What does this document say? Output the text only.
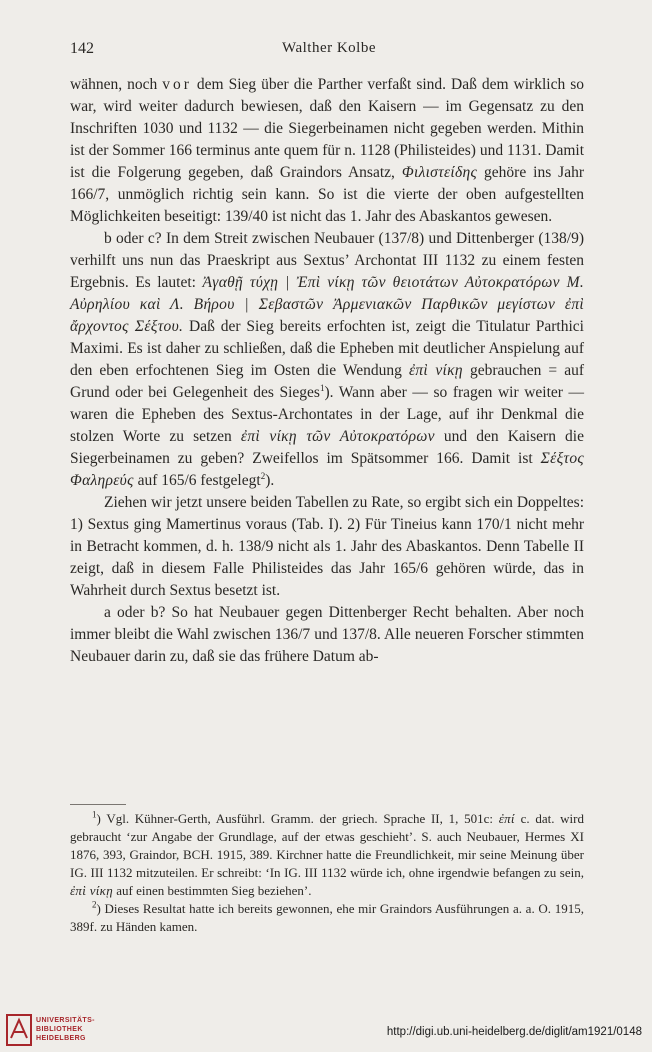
142	Walther Kolbe

wähnen, noch vor dem Sieg über die Parther verfaßt sind. Daß dem wirklich so war, wird weiter dadurch bewiesen, daß den Kaisern — im Gegensatz zu den Inschriften 1030 und 1132 — die Siegerbeinamen nicht gegeben werden. Mithin ist der Sommer 166 terminus ante quem für n. 1128 (Philisteides) und 1131. Damit ist die Folgerung gegeben, daß Graindors Ansatz, Φιλιστείδης gehöre ins Jahr 166/7, unmöglich richtig sein kann. So ist die vierte der oben aufgestellten Möglichkeiten beseitigt: 139/40 ist nicht das 1. Jahr des Abaskantos gewesen.

b oder c? In dem Streit zwischen Neubauer (137/8) und Dittenberger (138/9) verhilft uns nun das Praeskript aus Sextus’ Archontat III 1132 zu einem festen Ergebnis. Es lautet: Ἀγαθῇ τύχῃ | Ἐπὶ νίκῃ τῶν θειοτάτων Αὐτοκρατόρων Μ. Αὐρηλίου καὶ Λ. Βήρου | Σεβαστῶν Ἀρμενιακῶν Παρθικῶν μεγίστων ἐπὶ ἄρχοντος Σέξτου. Daß der Sieg bereits erfochten ist, zeigt die Titulatur Parthici Maximi. Es ist daher zu schließen, daß die Epheben mit deutlicher Anspielung auf den eben erfochtenen Sieg im Osten die Wendung ἐπὶ νίκῃ gebrauchen = auf Grund oder bei Gelegenheit des Sieges$^1$). Wann aber — so fragen wir weiter — waren die Epheben des Sextus-Archontates in der Lage, auf ihr Denkmal die stolzen Worte zu setzen ἐπὶ νίκῃ τῶν Αὐτοκρατόρων und den Kaisern die Siegerbeinamen zu geben? Zweifellos im Spätsommer 166. Damit ist Σέξτος Φαληρεύς auf 165/6 festgelegt$^2$).

Ziehen wir jetzt unsere beiden Tabellen zu Rate, so ergibt sich ein Doppeltes: 1) Sextus ging Mamertinus voraus (Tab. I). 2) Für Tineius kann 170/1 nicht mehr in Betracht kommen, d. h. 138/9 nicht als 1. Jahr des Abaskantos. Denn Tabelle II zeigt, daß in diesem Falle Philisteides das Jahr 165/6 gehören würde, das in Wahrheit durch Sextus besetzt ist.

a oder b? So hat Neubauer gegen Dittenberger Recht behalten. Aber noch immer bleibt die Wahl zwischen 136/7 und 137/8. Alle neueren Forscher stimmten Neubauer darin zu, daß sie das frühere Datum ab-

$^1$) Vgl. Kühner-Gerth, Ausführl. Gramm. der griech. Sprache II, 1, 501c: ἐπί c. dat. wird gebraucht ‘zur Angabe der Grundlage, auf der etwas geschieht’. S. auch Neubauer, Hermes XI 1876, 393, Graindor, BCH. 1915, 389. Kirchner hatte die Freundlichkeit, mir seine Meinung über IG. III 1132 mitzuteilen. Er schreibt: ‘In IG. III 1132 würde ich, ohne irgendwie befangen zu sein, ἐπὶ νίκῃ auf einen bestimmten Sieg beziehen’.

$^2$) Dieses Resultat hatte ich bereits gewonnen, ehe mir Graindors Ausführungen a. a. O. 1915, 389f. zu Händen kamen.

UNIVERSITÄTS-
BIBLIOTHEK
HEIDELBERG
http://digi.ub.uni-heidelberg.de/diglit/am1921/0148
